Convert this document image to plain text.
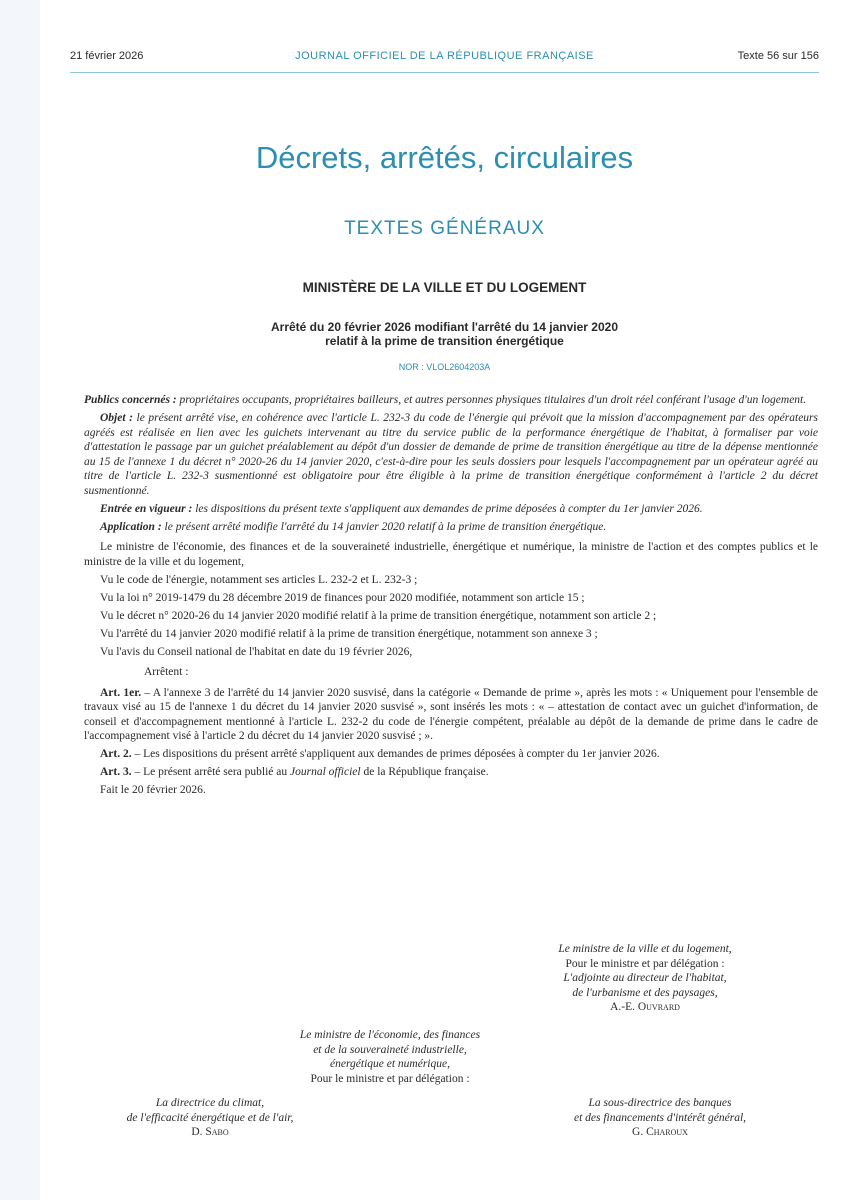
21 février 2026	JOURNAL OFFICIEL DE LA RÉPUBLIQUE FRANÇAISE	Texte 56 sur 156
Décrets, arrêtés, circulaires
TEXTES GÉNÉRAUX
MINISTÈRE DE LA VILLE ET DU LOGEMENT
Arrêté du 20 février 2026 modifiant l'arrêté du 14 janvier 2020
relatif à la prime de transition énergétique
NOR : VLOL2604203A

Publics concernés : propriétaires occupants, propriétaires bailleurs, et autres personnes physiques titulaires d'un droit réel conférant l'usage d'un logement.

Objet : le présent arrêté vise, en cohérence avec l'article L. 232-3 du code de l'énergie qui prévoit que la mission d'accompagnement par des opérateurs agréés est réalisée en lien avec les guichets intervenant au titre du service public de la performance énergétique de l'habitat, à formaliser par voie d'attestation le passage par un guichet préalablement au dépôt d'un dossier de demande de prime de transition énergétique au titre de la dépense mentionnée au 15 de l'annexe 1 du décret n° 2020-26 du 14 janvier 2020, c'est-à-dire pour les seuls dossiers pour lesquels l'accompagnement par un opérateur agréé au titre de l'article L. 232-3 susmentionné est obligatoire pour être éligible à la prime de transition énergétique conformément à l'article 2 du décret susmentionné.

Entrée en vigueur : les dispositions du présent texte s'appliquent aux demandes de prime déposées à compter du 1er janvier 2026.

Application : le présent arrêté modifie l'arrêté du 14 janvier 2020 relatif à la prime de transition énergétique.

Le ministre de l'économie, des finances et de la souveraineté industrielle, énergétique et numérique, la ministre de l'action et des comptes publics et le ministre de la ville et du logement,

Vu le code de l'énergie, notamment ses articles L. 232-2 et L. 232-3 ;

Vu la loi n° 2019-1479 du 28 décembre 2019 de finances pour 2020 modifiée, notamment son article 15 ;

Vu le décret n° 2020-26 du 14 janvier 2020 modifié relatif à la prime de transition énergétique, notamment son article 2 ;

Vu l'arrêté du 14 janvier 2020 modifié relatif à la prime de transition énergétique, notamment son annexe 3 ;

Vu l'avis du Conseil national de l'habitat en date du 19 février 2026,

Arrêtent :

Art. 1er. – A l'annexe 3 de l'arrêté du 14 janvier 2020 susvisé, dans la catégorie « Demande de prime », après les mots : « Uniquement pour l'ensemble de travaux visé au 15 de l'annexe 1 du décret du 14 janvier 2020 susvisé », sont insérés les mots : « – attestation de contact avec un guichet d'information, de conseil et d'accompagnement mentionné à l'article L. 232-2 du code de l'énergie compétent, préalable au dépôt de la demande de prime dans le cadre de l'accompagnement visé à l'article 2 du décret du 14 janvier 2020 susvisé ; ».

Art. 2. – Les dispositions du présent arrêté s'appliquent aux demandes de primes déposées à compter du 1er janvier 2026.

Art. 3. – Le présent arrêté sera publié au Journal officiel de la République française.

Fait le 20 février 2026.

Le ministre de la ville et du logement,
Pour le ministre et par délégation :
L'adjointe au directeur de l'habitat,
de l'urbanisme et des paysages,
A.-E. Ouvrard
Le ministre de l'économie, des finances
et de la souveraineté industrielle,
énergétique et numérique,
Pour le ministre et par délégation :
La directrice du climat,
de l'efficacité énergétique et de l'air,
D. Sabo
La sous-directrice des banques
et des financements d'intérêt général,
G. Charoux
